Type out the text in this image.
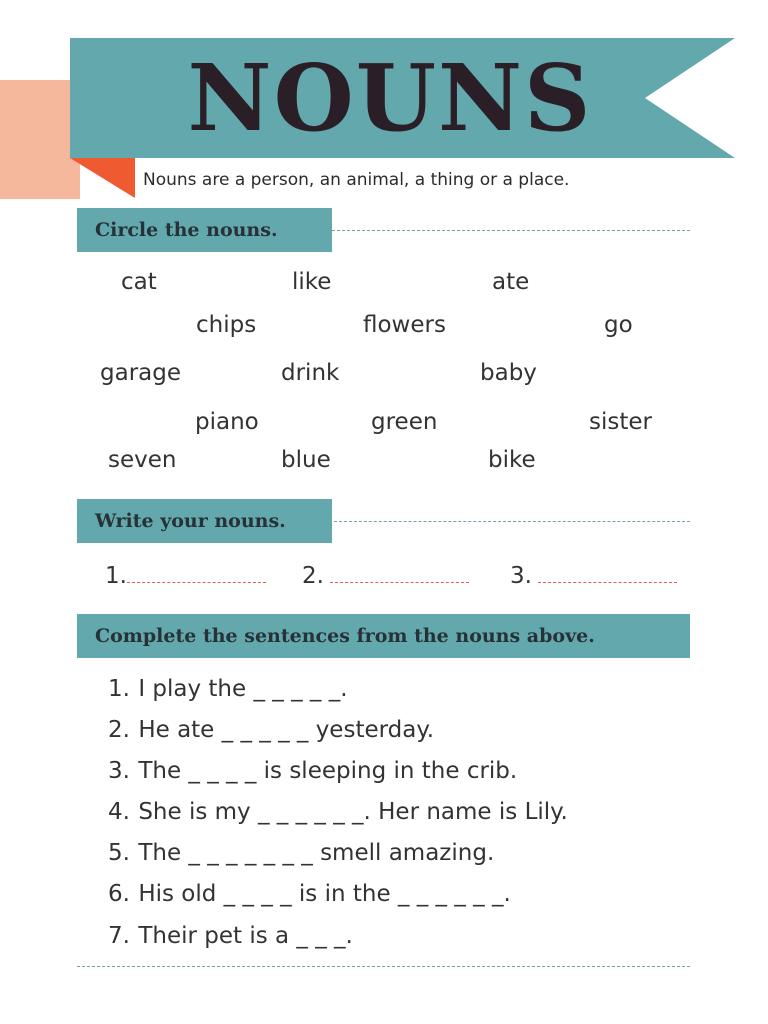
NOUNS
Nouns are a person, an animal, a thing or a place.
Circle the nouns.
cat	like	ate
chips	flowers	go
garage	drink	baby
piano	green	sister
seven	blue	bike
Write your nouns.
1.	2.	3.
Complete the sentences from the nouns above.
1. I play the _ _ _ _ _.
2. He ate _ _ _ _ _ yesterday.
3. The _ _ _ _ is sleeping in the crib.
4. She is my _ _ _ _ _ _. Her name is Lily.
5. The _ _ _ _ _ _ _ smell amazing.
6. His old _ _ _ _ is in the _ _ _ _ _ _.
7. Their pet is a _ _ _.
